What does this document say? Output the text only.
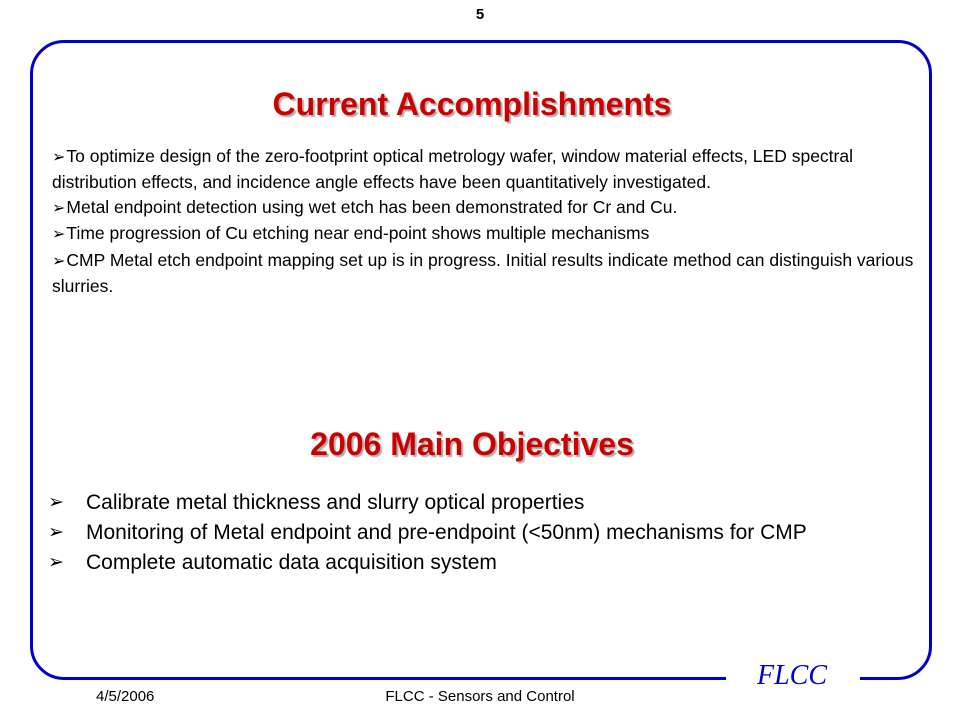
5
FLCC
Current Accomplishments
➢To optimize design of the zero-footprint optical metrology wafer, window material effects, LED spectral distribution effects, and incidence angle effects have been quantitatively investigated.
➢Metal endpoint detection using wet etch has been demonstrated for Cr and Cu.
➢Time progression of Cu etching near end-point shows multiple mechanisms
➢CMP Metal etch endpoint mapping set up is in progress. Initial results indicate method can distinguish various slurries.
2006 Main Objectives
➢ Calibrate metal thickness and slurry optical properties
➢ Monitoring of Metal endpoint and pre-endpoint (<50nm) mechanisms for CMP
➢ Complete automatic data acquisition system
4/5/2006	FLCC - Sensors and Control
